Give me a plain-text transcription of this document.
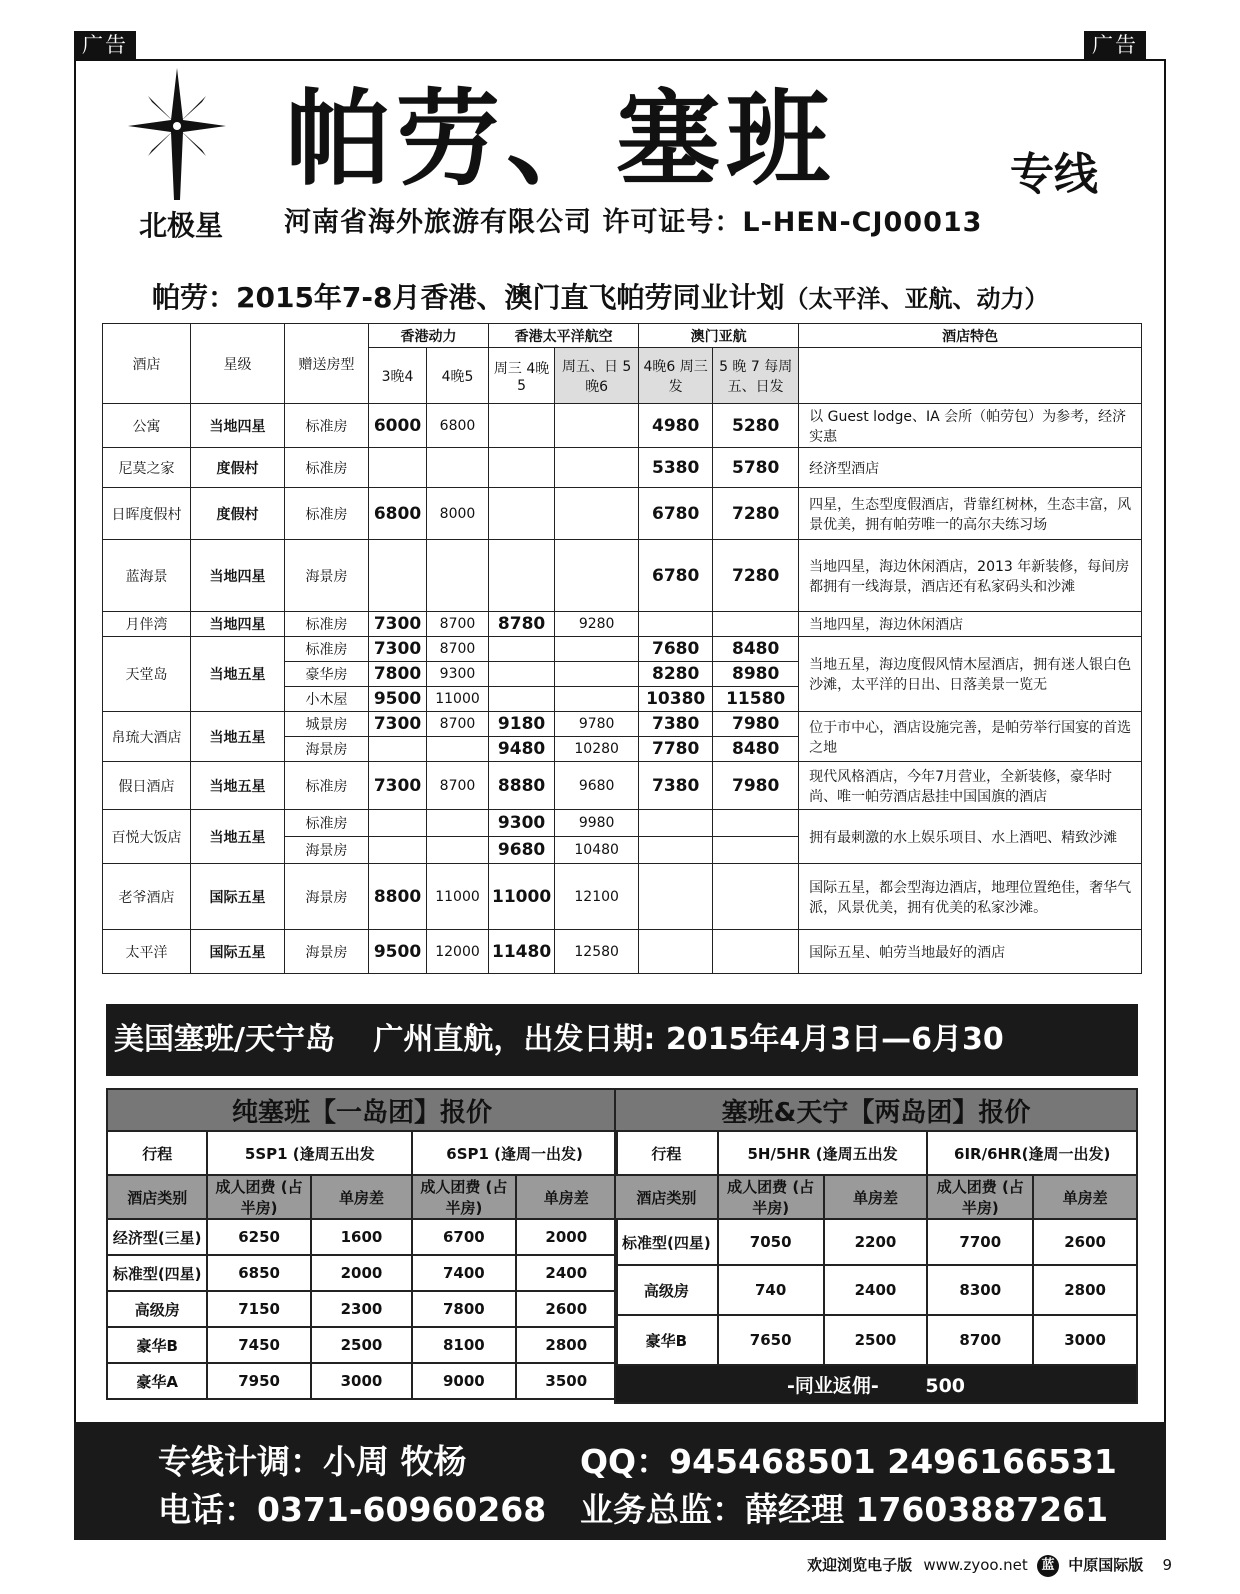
广告	广告
北极星
帕劳、塞班	专线
河南省海外旅游有限公司 许可证号：L-HEN-CJ00013
帕劳：2015年7-8月香港、澳门直飞帕劳同业计划（太平洋、亚航、动力）
酒店	星级	赠送房型	香港动力		香港太平洋航空		澳门亚航		酒店特色
			3晚4	4晚5	周三 4晚5	周五、日 5晚6	4晚6 周三发	5 晚 7 每周五、日发	
公寓	当地四星	标准房	6000	6800			4980	5280	以 Guest lodge、IA 会所（帕劳包）为参考，经济实惠
尼莫之家	度假村	标准房					5380	5780	经济型酒店
日晖度假村	度假村	标准房	6800	8000			6780	7280	四星，生态型度假酒店，背靠红树林，生态丰富，风景优美，拥有帕劳唯一的高尔夫练习场
蓝海景	当地四星	海景房					6780	7280	当地四星，海边休闲酒店，2013 年新装修，每间房都拥有一线海景，酒店还有私家码头和沙滩
月伴湾	当地四星	标准房	7300	8700	8780	9280			当地四星，海边休闲酒店
天堂岛	当地五星	标准房	7300	8700			7680	8480	当地五星，海边度假风情木屋酒店，拥有迷人银白色沙滩，太平洋的日出、日落美景一览无
		豪华房	7800	9300			8280	8980	
		小木屋	9500	11000			10380	11580	
帛琉大酒店	当地五星	城景房	7300	8700	9180	9780	7380	7980	位于市中心，酒店设施完善，是帕劳举行国宴的首选之地
		海景房			9480	10280	7780	8480	
假日酒店	当地五星	标准房	7300	8700	8880	9680	7380	7980	现代风格酒店，今年7月营业，全新装修，豪华时尚、唯一帕劳酒店悬挂中国国旗的酒店
百悦大饭店	当地五星	标准房			9300	9980			拥有最刺激的水上娱乐项目、水上酒吧、精致沙滩
		海景房			9680	10480			
老爷酒店	国际五星	海景房	8800	11000	11000	12100			国际五星，都会型海边酒店，地理位置绝佳，奢华气派，风景优美，拥有优美的私家沙滩。
太平洋	国际五星	海景房	9500	12000	11480	12580			国际五星、帕劳当地最好的酒店
美国塞班/天宁岛 广州直航，出发日期: 2015年4月3日—6月30
纯塞班【一岛团】报价				
行程	5SP1 (逢周五出发		6SP1 (逢周一出发)	
酒店类别	成人团费 (占半房)	单房差	成人团费 (占半房)	单房差
经济型(三星)	6250	1600	6700	2000
标准型(四星)	6850	2000	7400	2400
高级房	7150	2300	7800	2600
豪华B	7450	2500	8100	2800
豪华A	7950	3000	9000	3500
塞班&天宁【两岛团】报价				
行程	5H/5HR (逢周五出发		6IR/6HR(逢周一出发)	
酒店类别	成人团费 (占半房)	单房差	成人团费 (占半房)	单房差
标准型(四星)	7050	2200	7700	2600
高级房	740	2400	8300	2800
豪华B	7650	2500	8700	3000
-同业返佣- 500				
专线计调：小周 牧杨	QQ：945468501 2496166531
电话：0371-60960268 业务总监：薛经理 17603887261
欢迎浏览电子版 www.zyoo.net 蓝 中原国际版 9
